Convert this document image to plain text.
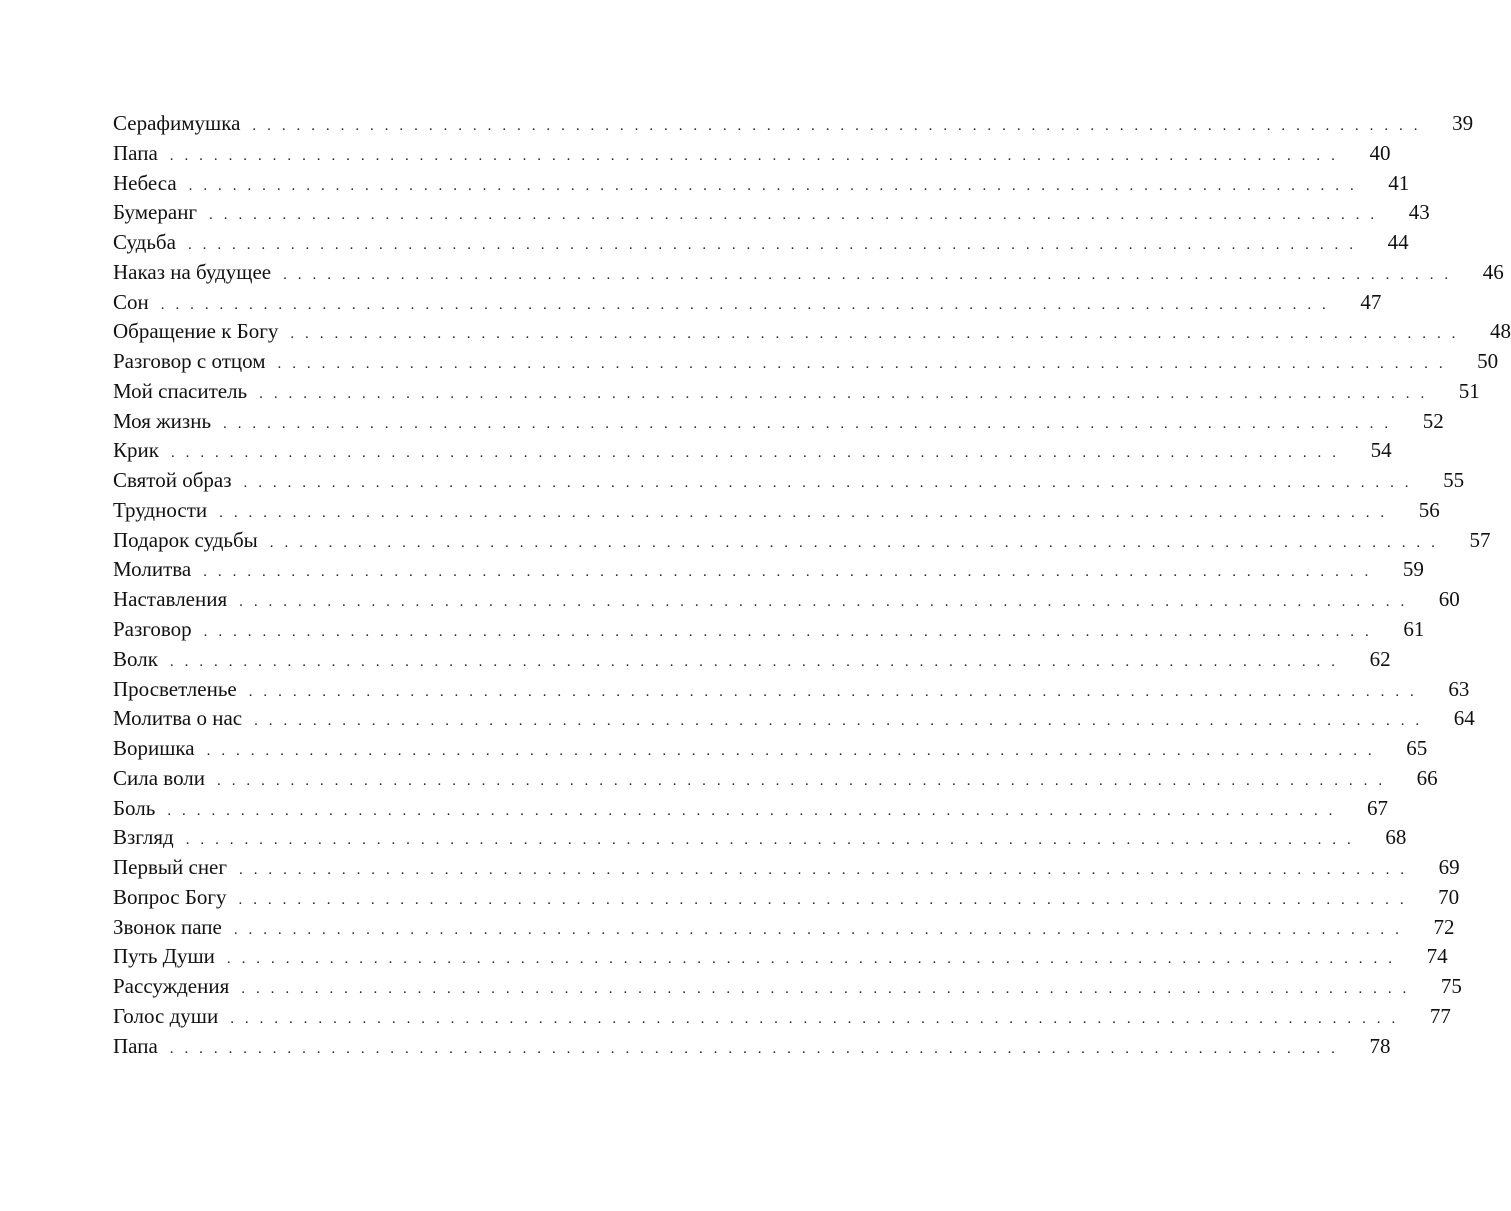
Серафимушка . . . . . . . . . . . . . . . . . . . . . . . . . . . . . . . . . . . . . . . . . . . . . . . . . . . . . . . . . . . . . . . . . . . . . . . . . . . . . . . . 39
Папа . . . . . . . . . . . . . . . . . . . . . . . . . . . . . . . . . . . . . . . . . . . . . . . . . . . . . . . . . . . . . . . . . . . . . . . . . . . . . . . . 40
Небеса . . . . . . . . . . . . . . . . . . . . . . . . . . . . . . . . . . . . . . . . . . . . . . . . . . . . . . . . . . . . . . . . . . . . . . . . . . . . . . . . 41
Бумеранг . . . . . . . . . . . . . . . . . . . . . . . . . . . . . . . . . . . . . . . . . . . . . . . . . . . . . . . . . . . . . . . . . . . . . . . . . . . . . . . . 43
Судьба . . . . . . . . . . . . . . . . . . . . . . . . . . . . . . . . . . . . . . . . . . . . . . . . . . . . . . . . . . . . . . . . . . . . . . . . . . . . . . . . 44
Наказ на будущее . . . . . . . . . . . . . . . . . . . . . . . . . . . . . . . . . . . . . . . . . . . . . . . . . . . . . . . . . . . . . . . . . . . . . . . . . . . . . . . . 46
Сон . . . . . . . . . . . . . . . . . . . . . . . . . . . . . . . . . . . . . . . . . . . . . . . . . . . . . . . . . . . . . . . . . . . . . . . . . . . . . . . . 47
Обращение к Богу . . . . . . . . . . . . . . . . . . . . . . . . . . . . . . . . . . . . . . . . . . . . . . . . . . . . . . . . . . . . . . . . . . . . . . . . . . . . . . . . 48
Разговор с отцом . . . . . . . . . . . . . . . . . . . . . . . . . . . . . . . . . . . . . . . . . . . . . . . . . . . . . . . . . . . . . . . . . . . . . . . . . . . . . . . . 50
Мой спаситель . . . . . . . . . . . . . . . . . . . . . . . . . . . . . . . . . . . . . . . . . . . . . . . . . . . . . . . . . . . . . . . . . . . . . . . . . . . . . . . . 51
Моя жизнь . . . . . . . . . . . . . . . . . . . . . . . . . . . . . . . . . . . . . . . . . . . . . . . . . . . . . . . . . . . . . . . . . . . . . . . . . . . . . . . . 52
Крик . . . . . . . . . . . . . . . . . . . . . . . . . . . . . . . . . . . . . . . . . . . . . . . . . . . . . . . . . . . . . . . . . . . . . . . . . . . . . . . . 54
Святой образ . . . . . . . . . . . . . . . . . . . . . . . . . . . . . . . . . . . . . . . . . . . . . . . . . . . . . . . . . . . . . . . . . . . . . . . . . . . . . . . . 55
Трудности . . . . . . . . . . . . . . . . . . . . . . . . . . . . . . . . . . . . . . . . . . . . . . . . . . . . . . . . . . . . . . . . . . . . . . . . . . . . . . . . 56
Подарок судьбы . . . . . . . . . . . . . . . . . . . . . . . . . . . . . . . . . . . . . . . . . . . . . . . . . . . . . . . . . . . . . . . . . . . . . . . . . . . . . . . . 57
Молитва . . . . . . . . . . . . . . . . . . . . . . . . . . . . . . . . . . . . . . . . . . . . . . . . . . . . . . . . . . . . . . . . . . . . . . . . . . . . . . . . 59
Наставления . . . . . . . . . . . . . . . . . . . . . . . . . . . . . . . . . . . . . . . . . . . . . . . . . . . . . . . . . . . . . . . . . . . . . . . . . . . . . . . . 60
Разговор . . . . . . . . . . . . . . . . . . . . . . . . . . . . . . . . . . . . . . . . . . . . . . . . . . . . . . . . . . . . . . . . . . . . . . . . . . . . . . . . 61
Волк . . . . . . . . . . . . . . . . . . . . . . . . . . . . . . . . . . . . . . . . . . . . . . . . . . . . . . . . . . . . . . . . . . . . . . . . . . . . . . . . 62
Просветленье . . . . . . . . . . . . . . . . . . . . . . . . . . . . . . . . . . . . . . . . . . . . . . . . . . . . . . . . . . . . . . . . . . . . . . . . . . . . . . . . 63
Молитва о нас . . . . . . . . . . . . . . . . . . . . . . . . . . . . . . . . . . . . . . . . . . . . . . . . . . . . . . . . . . . . . . . . . . . . . . . . . . . . . . . . 64
Воришка . . . . . . . . . . . . . . . . . . . . . . . . . . . . . . . . . . . . . . . . . . . . . . . . . . . . . . . . . . . . . . . . . . . . . . . . . . . . . . . . 65
Сила воли . . . . . . . . . . . . . . . . . . . . . . . . . . . . . . . . . . . . . . . . . . . . . . . . . . . . . . . . . . . . . . . . . . . . . . . . . . . . . . . . 66
Боль . . . . . . . . . . . . . . . . . . . . . . . . . . . . . . . . . . . . . . . . . . . . . . . . . . . . . . . . . . . . . . . . . . . . . . . . . . . . . . . . 67
Взгляд . . . . . . . . . . . . . . . . . . . . . . . . . . . . . . . . . . . . . . . . . . . . . . . . . . . . . . . . . . . . . . . . . . . . . . . . . . . . . . . . 68
Первый снег . . . . . . . . . . . . . . . . . . . . . . . . . . . . . . . . . . . . . . . . . . . . . . . . . . . . . . . . . . . . . . . . . . . . . . . . . . . . . . . . 69
Вопрос Богу . . . . . . . . . . . . . . . . . . . . . . . . . . . . . . . . . . . . . . . . . . . . . . . . . . . . . . . . . . . . . . . . . . . . . . . . . . . . . . . . 70
Звонок папе . . . . . . . . . . . . . . . . . . . . . . . . . . . . . . . . . . . . . . . . . . . . . . . . . . . . . . . . . . . . . . . . . . . . . . . . . . . . . . . . 72
Путь Души . . . . . . . . . . . . . . . . . . . . . . . . . . . . . . . . . . . . . . . . . . . . . . . . . . . . . . . . . . . . . . . . . . . . . . . . . . . . . . . . 74
Рассуждения . . . . . . . . . . . . . . . . . . . . . . . . . . . . . . . . . . . . . . . . . . . . . . . . . . . . . . . . . . . . . . . . . . . . . . . . . . . . . . . . 75
Голос души . . . . . . . . . . . . . . . . . . . . . . . . . . . . . . . . . . . . . . . . . . . . . . . . . . . . . . . . . . . . . . . . . . . . . . . . . . . . . . . . 77
Папа . . . . . . . . . . . . . . . . . . . . . . . . . . . . . . . . . . . . . . . . . . . . . . . . . . . . . . . . . . . . . . . . . . . . . . . . . . . . . . . . 78
